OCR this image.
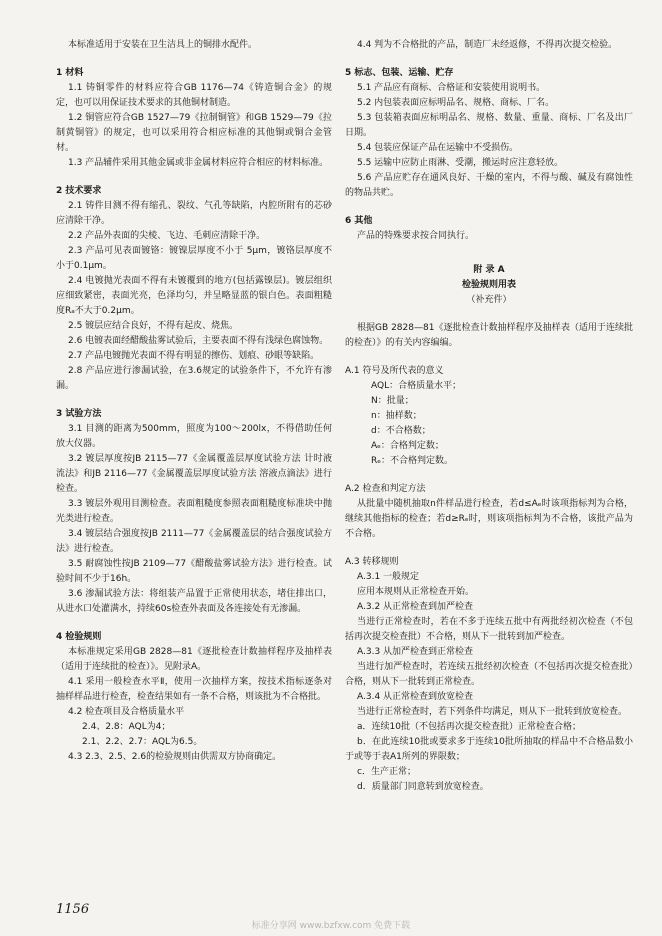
本标准适用于安装在卫生洁具上的铜排水配件。
1 材料
1.1 铸铜零件的材料应符合GB 1176—74《铸造铜合金》的规定，也可以用保证技术要求的其他铜材制造。
1.2 铜管应符合GB 1527—79《拉制铜管》和GB 1529—79《拉制黄铜管》的规定，也可以采用符合相应标准的其他铜或铜合金管材。
1.3 产品辅件采用其他金属或非金属材料应符合相应的材料标准。
2 技术要求
2.1 铸件目测不得有缩孔、裂纹、气孔等缺陷，内腔所附有的芯砂应清除干净。
2.2 产品外表面的尖棱、飞边、毛刺应清除干净。
2.3 产品可见表面镀铬：镀镍层厚度不小于 5μm，镀铬层厚度不小于0.1μm。
2.4 电镀抛光表面不得有未镀覆到的地方(包括露镍层)。镀层组织应细致紧密，表面光亮，色泽均匀，并呈略显蓝的银白色。表面粗糙度Rₐ不大于0.2μm。
2.5 镀层应结合良好，不得有起皮、烧焦。
2.6 电镀表面经醋酸盐雾试验后，主要表面不得有浅绿色腐蚀物。
2.7 产品电镀抛光表面不得有明显的擦伤、划痕、砂眼等缺陷。
2.8 产品应进行渗漏试验，在3.6规定的试验条件下，不允许有渗漏。
3 试验方法
3.1 目测的距离为500mm，照度为100～200lx，不得借助任何放大仪器。
3.2 镀层厚度按JB 2115—77《金属覆盖层厚度试验方法 计时液流法》和JB 2116—77《金属覆盖层厚度试验方法 溶液点滴法》进行检查。
3.3 镀层外观用目测检查。表面粗糙度参照表面粗糙度标准块中抛光类进行检查。
3.4 镀层结合强度按JB 2111—77《金属覆盖层的结合强度试验方法》进行检查。
3.5 耐腐蚀性按JB 2109—77《醋酸盐雾试验方法》进行检查。试验时间不少于16h。
3.6 渗漏试验方法：将组装产品置于正常使用状态，堵住排出口，从进水口处灌满水，持续60s检查外表面及各连接处有无渗漏。
4 检验规则
本标准规定采用GB 2828—81《逐批检查计数抽样程序及抽样表（适用于连续批的检查）》。见附录A。
4.1 采用一般检查水平Ⅱ，使用一次抽样方案，按技术指标逐条对抽样样品进行检查，检查结果如有一条不合格，则该批为不合格批。
4.2 检查项目及合格质量水平
2.4、2.8：AQL为4；
2.1、2.2、2.7：AQL为6.5。
4.3 2.3、2.5、2.6的检验规则由供需双方协商确定。
4.4 判为不合格批的产品，制造厂未经返修，不得再次提交检验。
5 标志、包装、运输、贮存
5.1 产品应有商标、合格证和安装使用说明书。
5.2 内包装表面应标明品名、规格、商标、厂名。
5.3 包装箱表面应标明品名、规格、数量、重量、商标、厂名及出厂日期。
5.4 包装应保证产品在运输中不受损伤。
5.5 运输中应防止雨淋、受潮，搬运时应注意轻放。
5.6 产品应贮存在通风良好、干燥的室内，不得与酸、碱及有腐蚀性的物品共贮。
6 其他
产品的特殊要求按合同执行。
附 录 A
检验规则用表
（补充件）
根据GB 2828—81《逐批检查计数抽样程序及抽样表（适用于连续批的检查）》的有关内容编编。
A.1 符号及所代表的意义
AQL：合格质量水平；
N：批量；
n：抽样数；
d：不合格数；
Aₑ：合格判定数；
Rₑ：不合格判定数。
A.2 检查和判定方法
从批量中随机抽取n件样品进行检查，若d≤Aₑ时该项指标判为合格，继续其他指标的检查；若d≥Rₑ时，则该项指标判为不合格，该批产品为不合格。
A.3 转移规则
A.3.1 一般规定
应用本规则从正常检查开始。
A.3.2 从正常检查到加严检查
当进行正常检查时，若在不多于连续五批中有两批经初次检查（不包括再次提交检查批）不合格，则从下一批转到加严检查。
A.3.3 从加严检查到正常检查
当进行加严检查时，若连续五批经初次检查（不包括再次提交检查批）合格，则从下一批转到正常检查。
A.3.4 从正常检查到放宽检查
当进行正常检查时，若下列条件均满足，则从下一批转到放宽检查。
a．连续10批（不包括再次提交检查批）正常检查合格；
b．在此连续10批或要求多于连续10批所抽取的样品中不合格品数小于或等于表A1所列的界限数；
c．生产正常；
d．质量部门同意转到放宽检查。
1156
标准分享网 www.bzfxw.com 免费下载
